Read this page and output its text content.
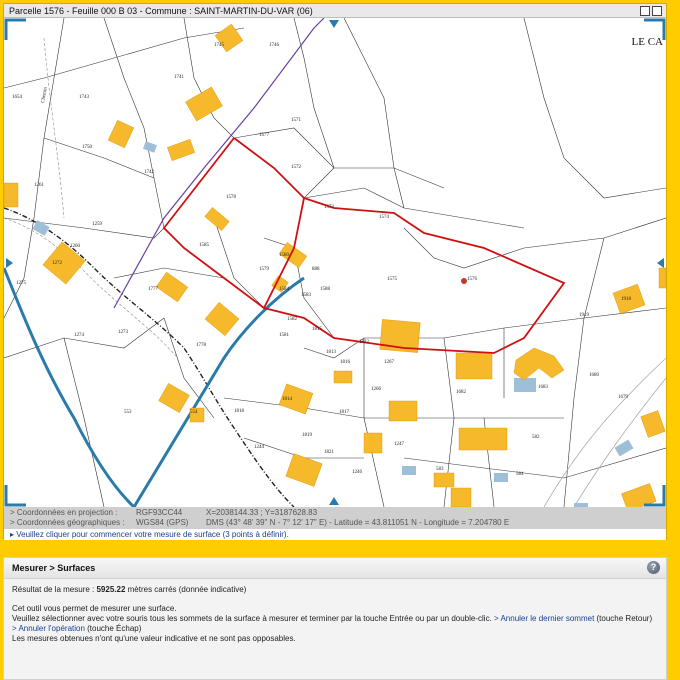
Parcelle 1576 - Feuille 000 B 03 - Commune : SAINT-MARTIN-DU-VAR (06)
1745	1746
1741
1743
1654
1750
1742
1577
1571
1572
1573
1578
1574
1580
1585
1579	888
1575	1576
1918
1919
1588
1584
1583
1582
1581
1815
1813
1816
1822
1267
1682
1683
1680
1679
1266
1817
1814
1818
1819
1821
1247
1244
1246
582
583
584
1275
1272
1274
1273
1777
1778
553	554
1260
1259
1261
Chemin
LE CA
> Coordonnées en projection : RGF93CC44	X=2038144.33 ; Y=3187628.83
> Coordonnées géographiques : WGS84 (GPS) DMS (43° 48' 39" N - 7° 12' 17" E) - Latitude = 43.811051 N - Longitude = 7.204780 E
▸ Veuillez cliquer pour commencer votre mesure de surface (3 points à définir).
Mesurer > Surfaces	?

Résultat de la mesure : 5925.22 mètres carrés (donnée indicative)

Cet outil vous permet de mesurer une surface.

Veuillez sélectionner avec votre souris tous les sommets de la surface à mesurer et terminer par la touche Entrée ou par un double-clic. > Annuler le dernier sommet (touche Retour)

> Annuler l'opération (touche Échap)

Les mesures obtenues n'ont qu'une valeur indicative et ne sont pas opposables.
